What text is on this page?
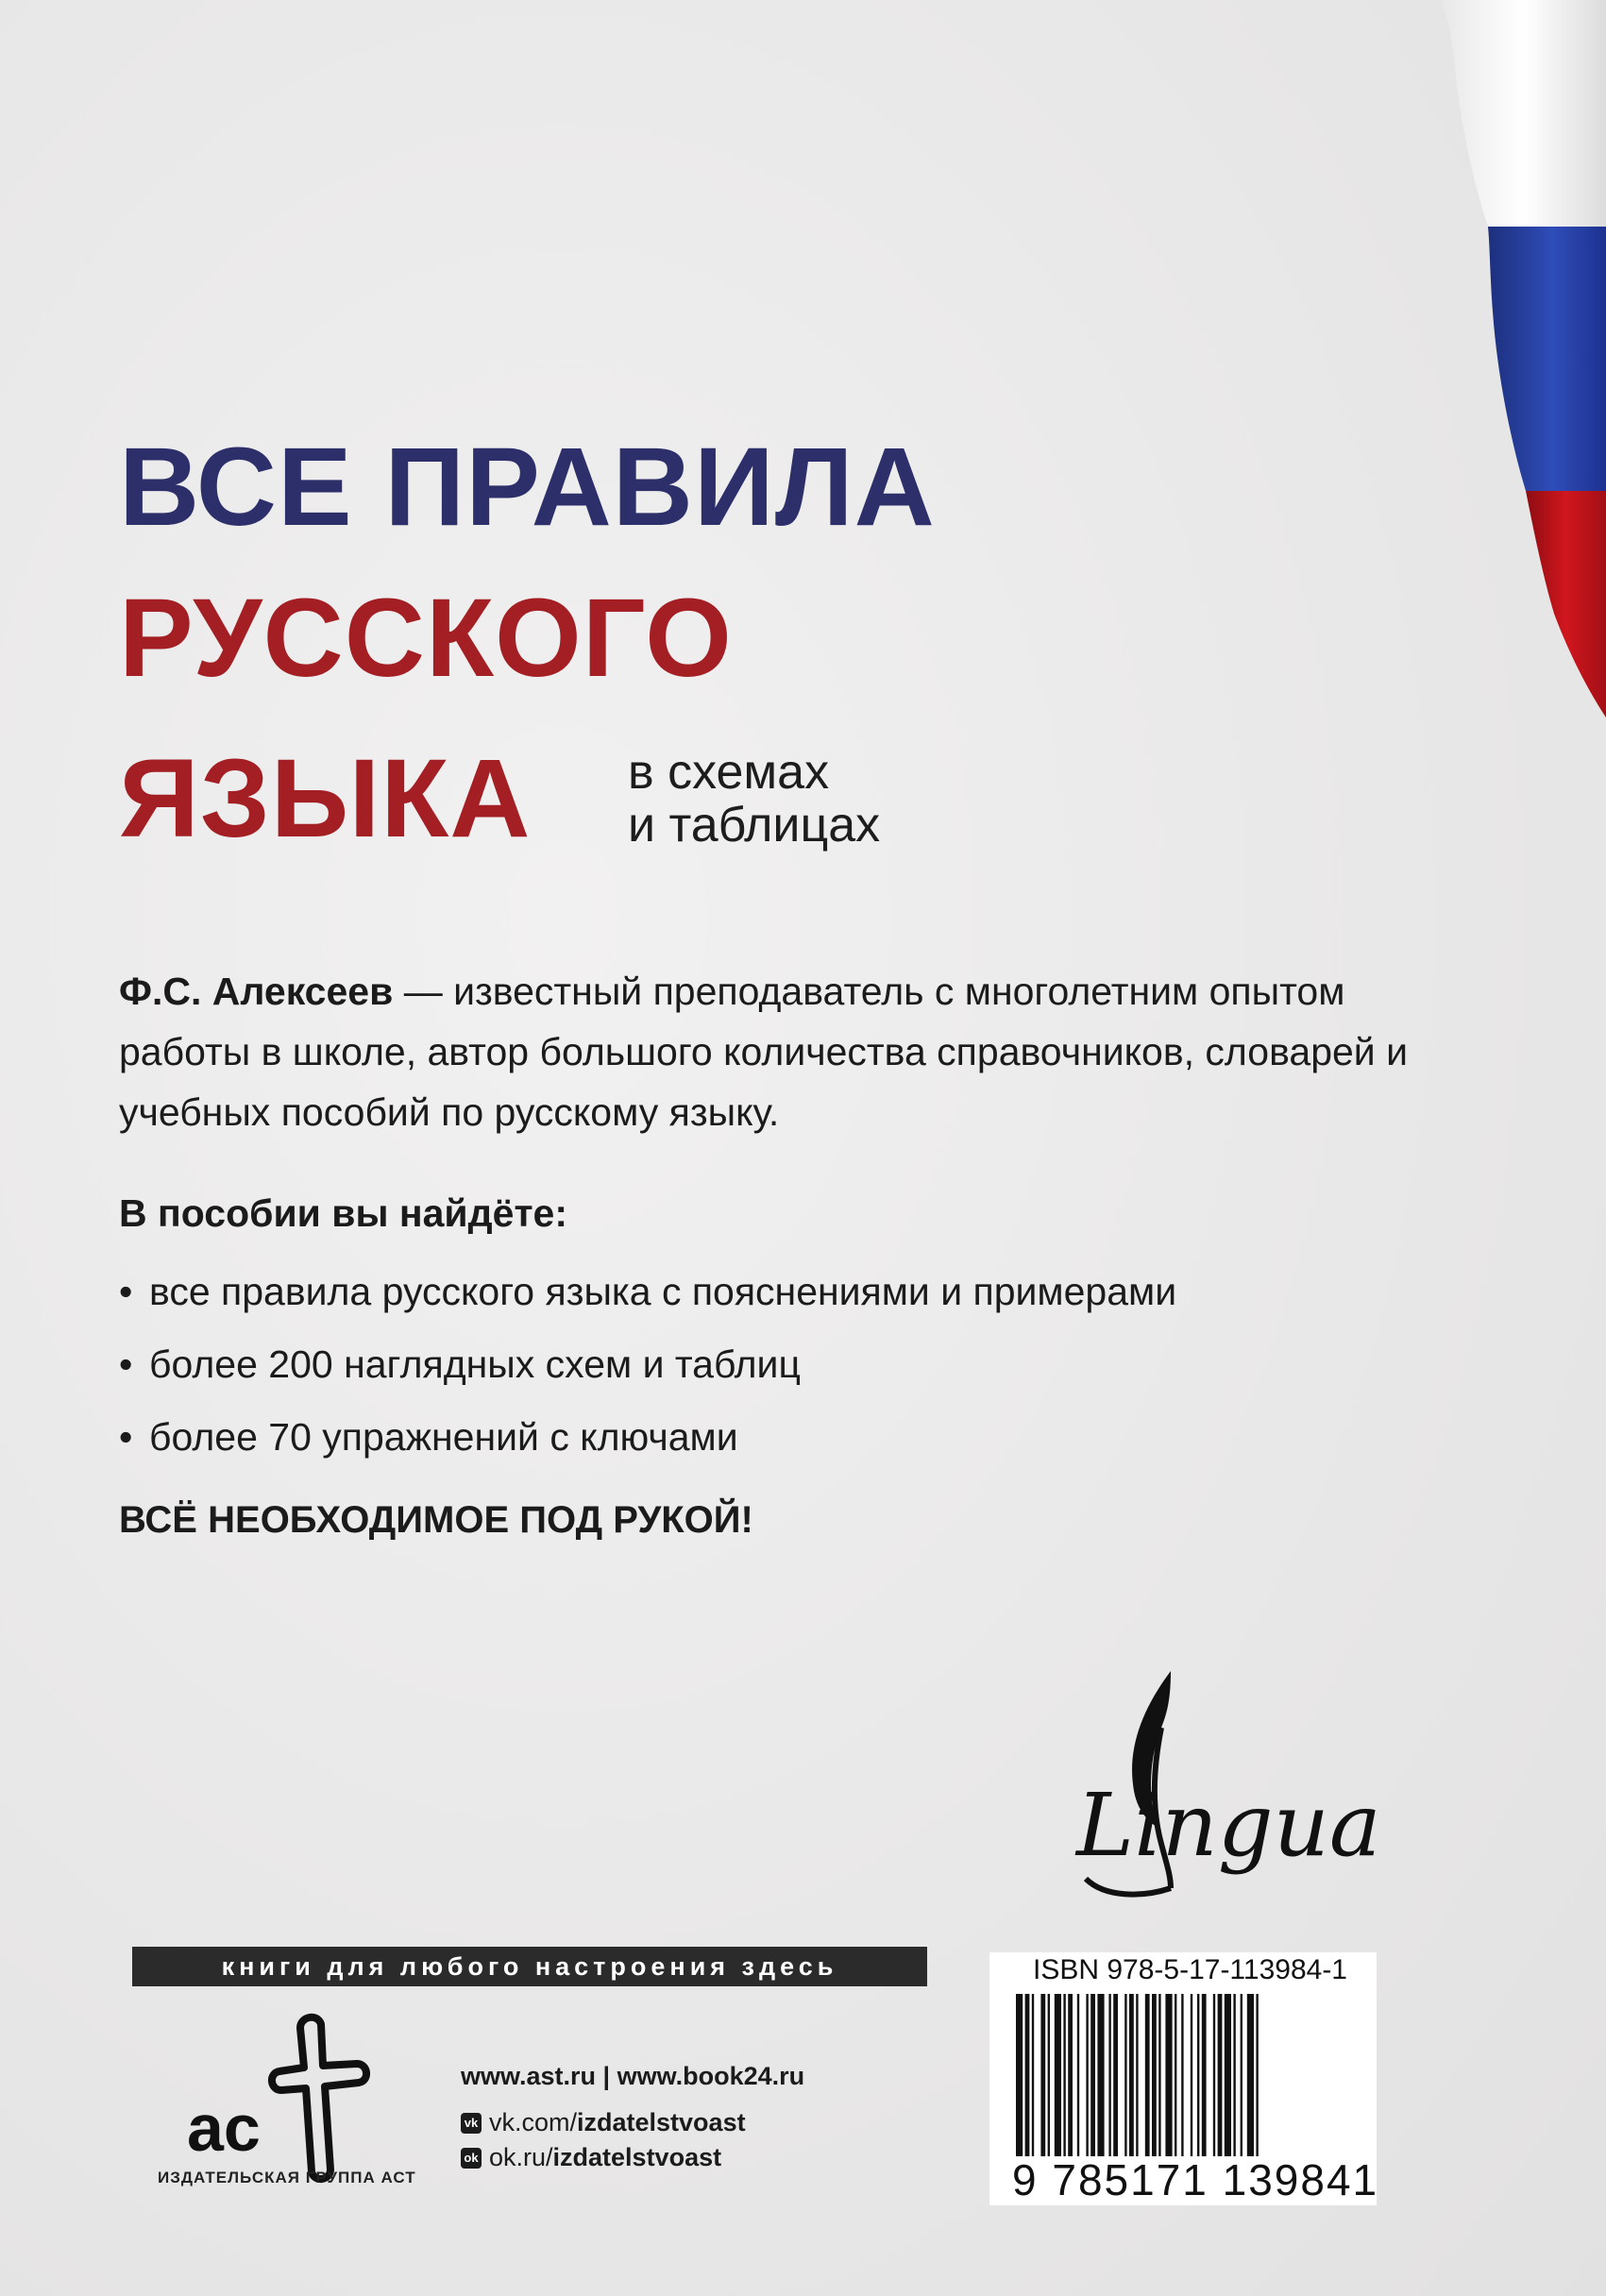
ВСЕ ПРАВИЛА
РУССКОГО
ЯЗЫКА в схемах
и таблицах
Ф.С. Алексеев — известный преподаватель с многолетним опытом работы в школе, автор большого количества справочников, словарей и учебных пособий по русскому языку.
В пособии вы найдёте:
• все правила русского языка с пояснениями и примерами
• более 200 наглядных схем и таблиц
• более 70 упражнений с ключами
ВСЁ НЕОБХОДИМОЕ ПОД РУКОЙ!
Lingua
книги для любого настроения здесь
ac
ИЗДАТЕЛЬСКАЯ ГРУППА АСТ
www.ast.ru | www.book24.ru
vk vk.com/ izdatelstvoast
ok ok.ru/ izdatelstvoast
ISBN 978-5-17-113984-1
9 785171 139841
